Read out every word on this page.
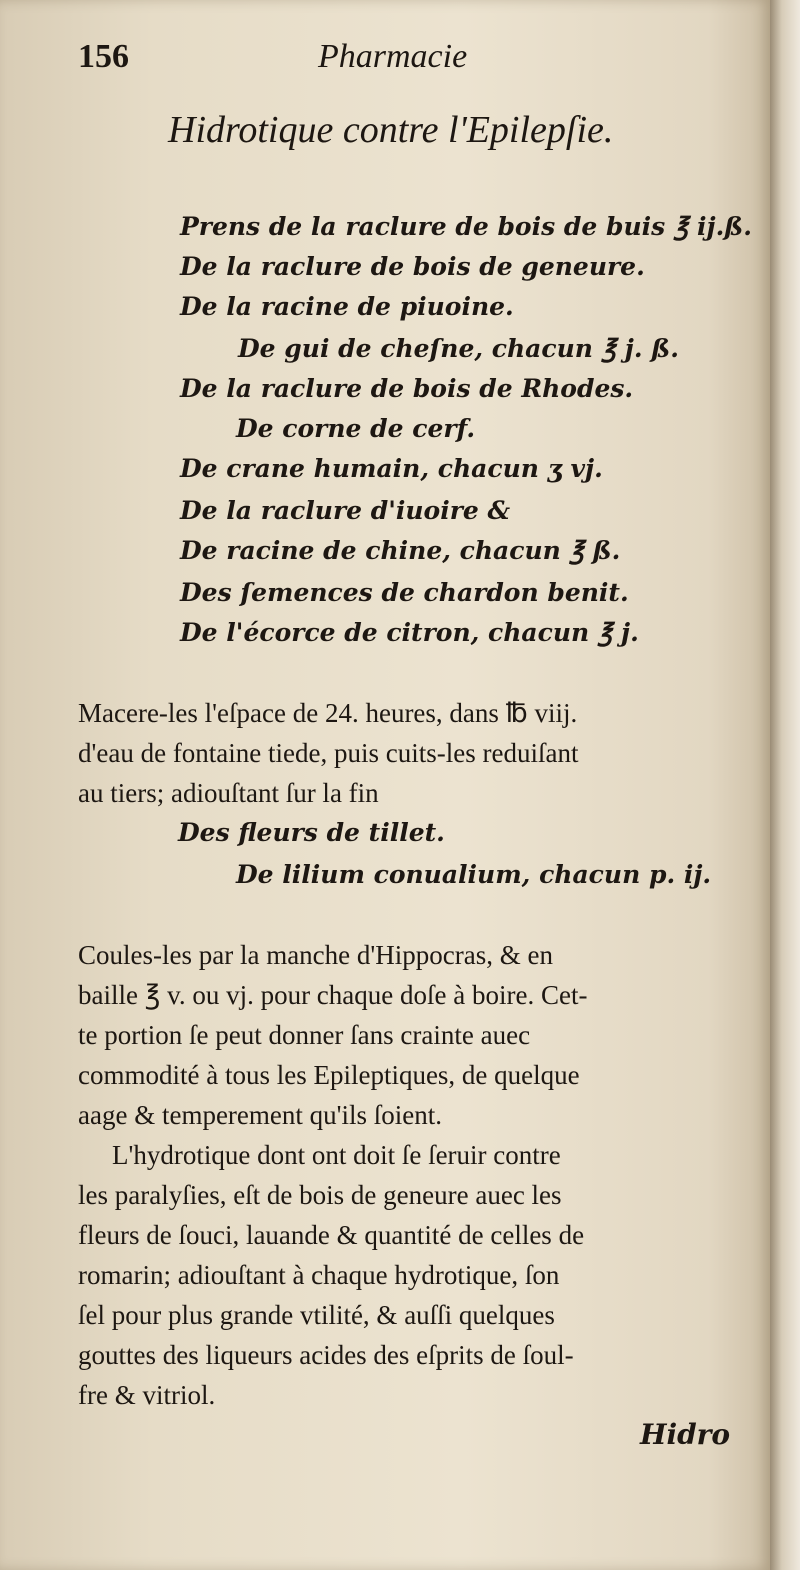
156	Pharmacie
Hidrotique contre l'Epilepſie.
Prens de la raclure de bois de buis ℥ ij.ß.
De la raclure de bois de geneure.
De la racine de piuoine.
De gui de cheſne, chacun ℥ j. ß.
De la raclure de bois de Rhodes.
De corne de cerf.
De crane humain, chacun ʒ vj.
De la raclure d'iuoire &
De racine de chine, chacun ℥ ß.
Des ſemences de chardon benit.
De l'écorce de citron, chacun ℥ j.
Macere-les l'eſpace de 24. heures, dans ℔ viij.
d'eau de fontaine tiede, puis cuits-les reduiſant
au tiers; adiouſtant ſur la fin
Des fleurs de tillet.
De lilium conualium, chacun p. ij.
Coules-les par la manche d'Hippocras, & en
baille ℥ v. ou vj. pour chaque doſe à boire. Cet-
te portion ſe peut donner ſans crainte auec
commodité à tous les Epileptiques, de quelque
aage & temperement qu'ils ſoient.
L'hydrotique dont ont doit ſe ſeruir contre
les paralyſies, eſt de bois de geneure auec les
fleurs de ſouci, lauande & quantité de celles de
romarin; adiouſtant à chaque hydrotique, ſon
ſel pour plus grande vtilité, & auſſi quelques
gouttes des liqueurs acides des eſprits de ſoul-
fre & vitriol.
Hidro
